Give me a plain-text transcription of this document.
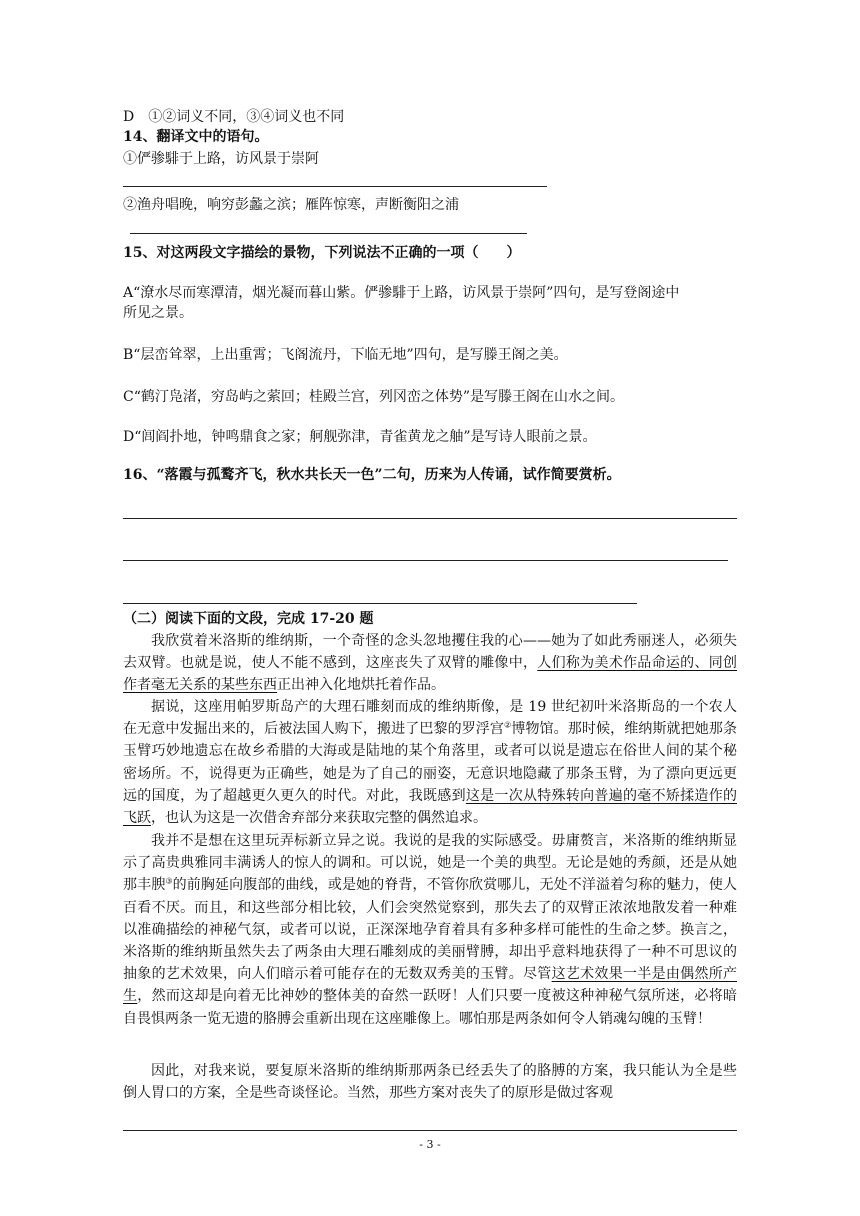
D　①②词义不同，③④词义也不同
14、翻译文中的语句。
①俨骖騑于上路，访风景于崇阿
②渔舟唱晚，响穷彭蠡之滨；雁阵惊寒，声断衡阳之浦
15、对这两段文字描绘的景物，下列说法不正确的一项（　　）
A“潦水尽而寒潭清，烟光凝而暮山紫。俨骖騑于上路，访风景于崇阿”四句，是写登阁途中
所见之景。
B“层峦耸翠，上出重霄；飞阁流丹，下临无地”四句，是写滕王阁之美。
C“鹤汀凫渚，穷岛屿之萦回；桂殿兰宫，列冈峦之体势”是写滕王阁在山水之间。
D“闾阎扑地，钟鸣鼎食之家；舸舰弥津，青雀黄龙之舳”是写诗人眼前之景。
16、“落霞与孤鹜齐飞，秋水共长天一色”二句，历来为人传诵，试作简要赏析。
（二）阅读下面的文段，完成 17-20 题

我欣赏着米洛斯的维纳斯，一个奇怪的念头忽地攫住我的心——她为了如此秀丽迷人，必须失去双臂。也就是说，使人不能不感到，这座丧失了双臂的雕像中，人们称为美术作品命运的、同创作者毫无关系的某些东西正出神入化地烘托着作品。

据说，这座用帕罗斯岛产的大理石雕刻而成的维纳斯像，是 19 世纪初叶米洛斯岛的一个农人在无意中发掘出来的，后被法国人购下，搬进了巴黎的罗浮宫②博物馆。那时候，维纳斯就把她那条玉臂巧妙地遗忘在故乡希腊的大海或是陆地的某个角落里，或者可以说是遗忘在俗世人间的某个秘密场所。不，说得更为正确些，她是为了自己的丽姿，无意识地隐藏了那条玉臂，为了漂向更远更远的国度，为了超越更久更久的时代。对此，我既感到这是一次从特殊转向普遍的毫不矫揉造作的飞跃，也认为这是一次借舍弃部分来获取完整的偶然追求。

我并不是想在这里玩弄标新立异之说。我说的是我的实际感受。毋庸赘言，米洛斯的维纳斯显示了高贵典雅同丰满诱人的惊人的调和。可以说，她是一个美的典型。无论是她的秀颜，还是从她那丰腴③的前胸延向腹部的曲线，或是她的脊背，不管你欣赏哪儿，无处不洋溢着匀称的魅力，使人百看不厌。而且，和这些部分相比较，人们会突然觉察到，那失去了的双臂正浓浓地散发着一种难以准确描绘的神秘气氛，或者可以说，正深深地孕育着具有多种多样可能性的生命之梦。换言之，米洛斯的维纳斯虽然失去了两条由大理石雕刻成的美丽臂膊，却出乎意料地获得了一种不可思议的抽象的艺术效果，向人们暗示着可能存在的无数双秀美的玉臂。尽管这艺术效果一半是由偶然所产生，然而这却是向着无比神妙的整体美的奋然一跃呀！人们只要一度被这种神秘气氛所迷，必将暗自畏惧两条一览无遗的胳膊会重新出现在这座雕像上。哪怕那是两条如何令人销魂勾魄的玉臂！

因此，对我来说，要复原米洛斯的维纳斯那两条已经丢失了的胳膊的方案，我只能认为全是些倒人胃口的方案，全是些奇谈怪论。当然，那些方案对丧失了的原形是做过客观

- 3 -
